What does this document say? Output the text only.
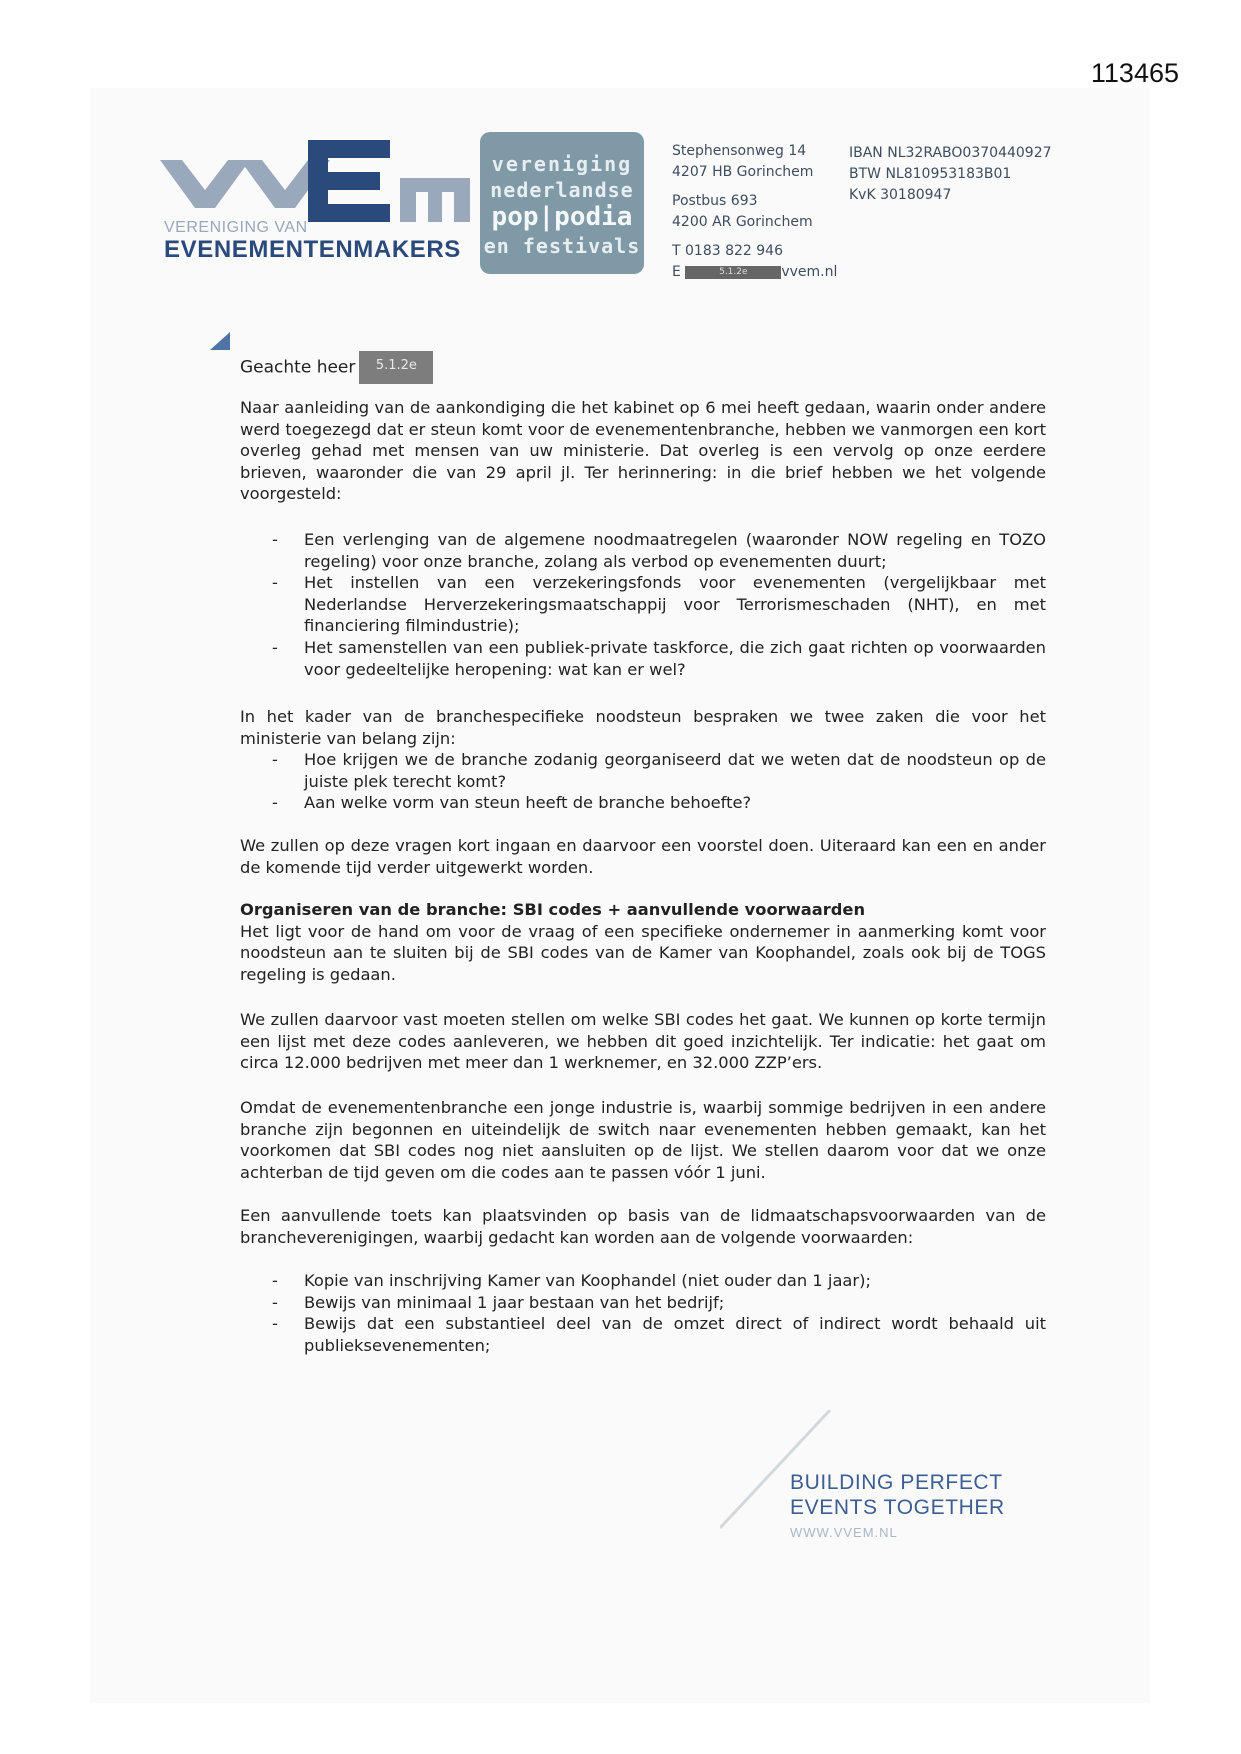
113465
VERENIGING VAN
EVENEMENTENMAKERS
vereniging
nederlandse
pop|podia
en festivals
Stephensonweg 14
4207 HB Gorinchem
Postbus 693
4200 AR Gorinchem
T 0183 822 946
E	5.1.2e vvem.nl
IBAN NL32RABO0370440927
BTW NL810953183B01
KvK 30180947
Geachte heer 5.1.2e

Naar aanleiding van de aankondiging die het kabinet op 6 mei heeft gedaan, waarin onder andere werd toegezegd dat er steun komt voor de evenementenbranche, hebben we vanmorgen een kort overleg gehad met mensen van uw ministerie. Dat overleg is een vervolg op onze eerdere brieven, waaronder die van 29 april jl. Ter herinnering: in die brief hebben we het volgende voorgesteld:

- Een verlenging van de algemene noodmaatregelen (waaronder NOW regeling en TOZO regeling) voor onze branche, zolang als verbod op evenementen duurt;
- Het instellen van een verzekeringsfonds voor evenementen (vergelijkbaar met Nederlandse Herverzekeringsmaatschappij voor Terrorismeschaden (NHT), en met financiering filmindustrie);
- Het samenstellen van een publiek-private taskforce, die zich gaat richten op voorwaarden voor gedeeltelijke heropening: wat kan er wel?

In het kader van de branchespecifieke noodsteun bespraken we twee zaken die voor het ministerie van belang zijn:

- Hoe krijgen we de branche zodanig georganiseerd dat we weten dat de noodsteun op de juiste plek terecht komt?
- Aan welke vorm van steun heeft de branche behoefte?

We zullen op deze vragen kort ingaan en daarvoor een voorstel doen. Uiteraard kan een en ander de komende tijd verder uitgewerkt worden.

Organiseren van de branche: SBI codes + aanvullende voorwaarden

Het ligt voor de hand om voor de vraag of een specifieke ondernemer in aanmerking komt voor noodsteun aan te sluiten bij de SBI codes van de Kamer van Koophandel, zoals ook bij de TOGS regeling is gedaan.

We zullen daarvoor vast moeten stellen om welke SBI codes het gaat. We kunnen op korte termijn een lijst met deze codes aanleveren, we hebben dit goed inzichtelijk. Ter indicatie: het gaat om circa 12.000 bedrijven met meer dan 1 werknemer, en 32.000 ZZP’ers.

Omdat de evenementenbranche een jonge industrie is, waarbij sommige bedrijven in een andere branche zijn begonnen en uiteindelijk de switch naar evenementen hebben gemaakt, kan het voorkomen dat SBI codes nog niet aansluiten op de lijst. We stellen daarom voor dat we onze achterban de tijd geven om die codes aan te passen vóór 1 juni.

Een aanvullende toets kan plaatsvinden op basis van de lidmaatschapsvoorwaarden van de brancheverenigingen, waarbij gedacht kan worden aan de volgende voorwaarden:

- Kopie van inschrijving Kamer van Koophandel (niet ouder dan 1 jaar);
- Bewijs van minimaal 1 jaar bestaan van het bedrijf;
- Bewijs dat een substantieel deel van de omzet direct of indirect wordt behaald uit publieksevenementen;
BUILDING PERFECT
EVENTS TOGETHER
WWW.VVEM.NL
